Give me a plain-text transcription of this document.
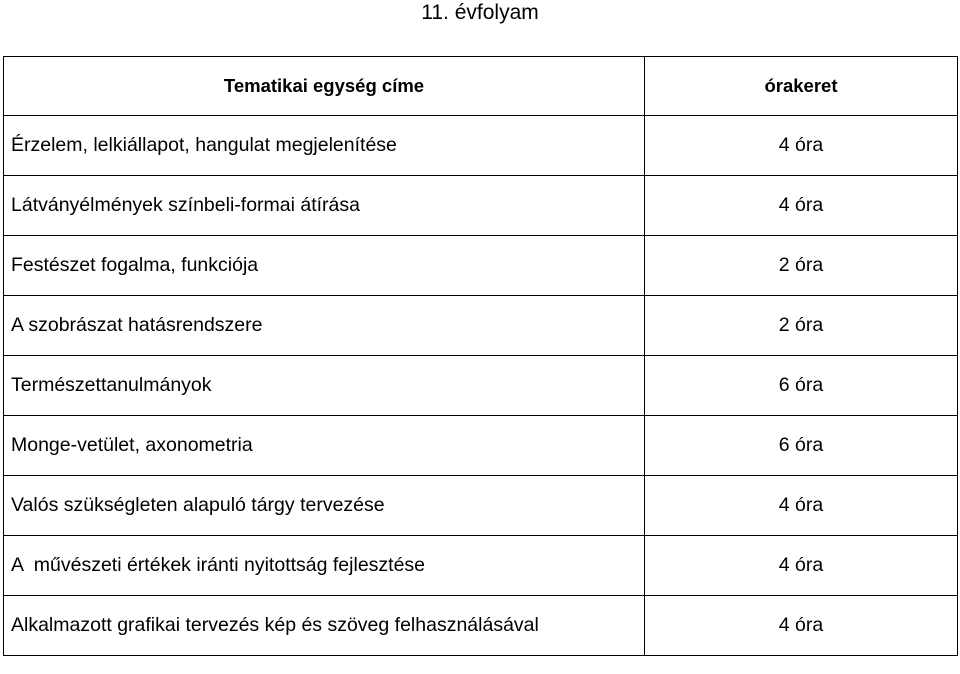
11. évfolyam
Tematikai egység címe	órakeret
Érzelem, lelkiállapot, hangulat megjelenítése	4 óra
Látványélmények színbeli-formai átírása	4 óra
Festészet fogalma, funkciója	2 óra
A szobrászat hatásrendszere	2 óra
Természettanulmányok	6 óra
Monge-vetület, axonometria	6 óra
Valós szükségleten alapuló tárgy tervezése	4 óra
A  művészeti értékek iránti nyitottság fejlesztése	4 óra
Alkalmazott grafikai tervezés kép és szöveg felhasználásával	4 óra
